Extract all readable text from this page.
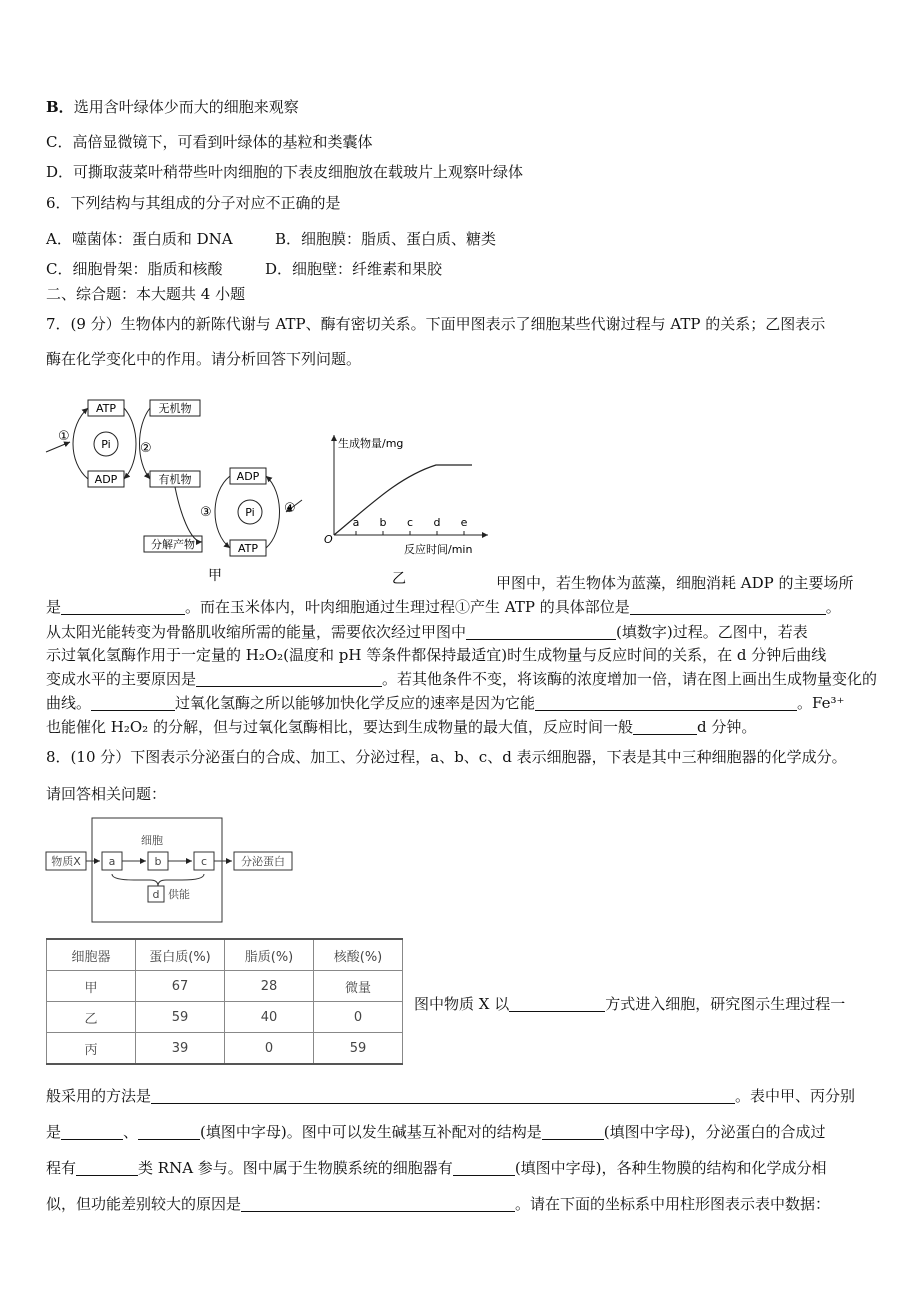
B．选用含叶绿体少而大的细胞来观察
C．高倍显微镜下，可看到叶绿体的基粒和类囊体
D．可撕取菠菜叶稍带些叶肉细胞的下表皮细胞放在载玻片上观察叶绿体
6．下列结构与其组成的分子对应不正确的是
A．噬菌体：蛋白质和 DNA	B．细胞膜：脂质、蛋白质、糖类
C．细胞骨架：脂质和核酸	D．细胞壁：纤维素和果胶
二、综合题：本大题共 4 小题
7．(9 分）生物体内的新陈代谢与 ATP、酶有密切关系。下面甲图表示了细胞某些代谢过程与 ATP 的关系；乙图表示
酶在化学变化中的作用。请分析回答下列问题。
ATP
ADP
Pi
无机物
有机物	ADP
ATP
Pi
分解产物
①
②
③	④
甲
生成物量/mg
反应时间/min
O
a b c d e
乙	甲图中，若生物体为蓝藻，细胞消耗 ADP 的主要场所
是	。而在玉米体内，叶肉细胞通过生理过程①产生 ATP 的具体部位是	。
从太阳光能转变为骨骼肌收缩所需的能量，需要依次经过甲图中	(填数字)过程。乙图中，若表
示过氧化氢酶作用于一定量的 H₂O₂(温度和 pH 等条件都保持最适宜)时生成物量与反应时间的关系，在 d 分钟后曲线
变成水平的主要原因是	。若其他条件不变，将该酶的浓度增加一倍，请在图上画出生成物量变化的
曲线。	过氧化氢酶之所以能够加快化学反应的速率是因为它能	。Fe³⁺
也能催化 H₂O₂ 的分解，但与过氧化氢酶相比，要达到生成物量的最大值，反应时间一般	d 分钟。
8．(10 分）下图表示分泌蛋白的合成、加工、分泌过程，a、b、c、d 表示细胞器，下表是其中三种细胞器的化学成分。
请回答相关问题：
细胞
物质X	a	b	c	分泌蛋白
d 供能
细胞器	蛋白质(%)	脂质(%)	核酸(%)
甲	67	28	微量
乙	59	40	0
丙	39	0	59
图中物质 X 以	方式进入细胞，研究图示生理过程一
般采用的方法是	。表中甲、丙分别
是	、	(填图中字母)。图中可以发生碱基互补配对的结构是	(填图中字母)，分泌蛋白的合成过
程有	类 RNA 参与。图中属于生物膜系统的细胞器有	(填图中字母)，各种生物膜的结构和化学成分相
似，但功能差别较大的原因是	。请在下面的坐标系中用柱形图表示表中数据：
